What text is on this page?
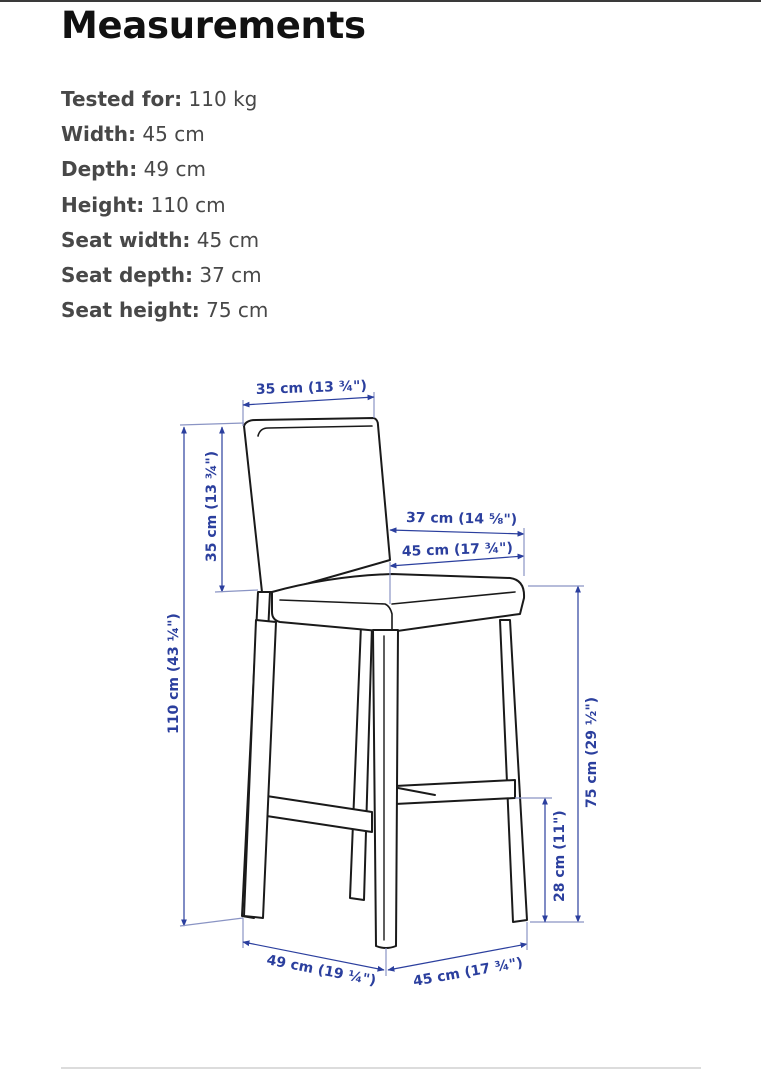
Measurements
Tested for: 110 kg
Width: 45 cm
Depth: 49 cm
Height: 110 cm
Seat width: 45 cm
Seat depth: 37 cm
Seat height: 75 cm
35 cm (13 ¾")
35 cm (13 ¾")
110 cm (43 ¼")
37 cm (14 ⅝")
45 cm (17 ¾")
75 cm (29 ½")
28 cm (11")
49 cm (19 ¼") 45 cm (17 ¾")
